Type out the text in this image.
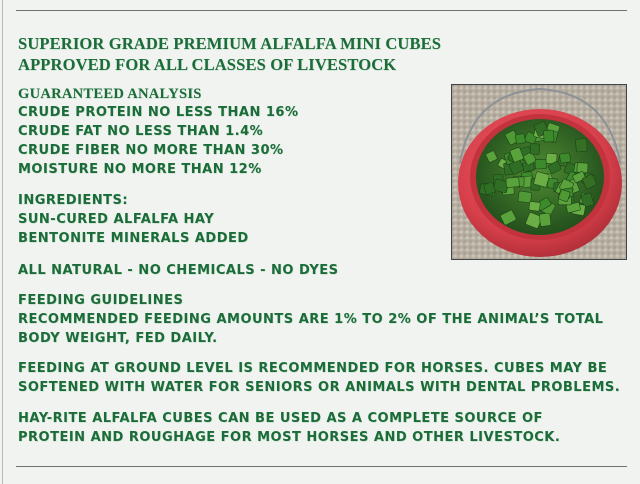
SUPERIOR GRADE PREMIUM ALFALFA MINI CUBES
APPROVED FOR ALL CLASSES OF LIVESTOCK
GUARANTEED ANALYSIS

CRUDE PROTEIN NO LESS THAN 16%

CRUDE FAT NO LESS THAN 1.4%

CRUDE FIBER NO MORE THAN 30%

MOISTURE NO MORE THAN 12%

INGREDIENTS:

SUN-CURED ALFALFA HAY

BENTONITE MINERALS ADDED

ALL NATURAL - NO CHEMICALS - NO DYES

FEEDING GUIDELINES

RECOMMENDED FEEDING AMOUNTS ARE 1% TO 2% OF THE ANIMAL’S TOTAL

BODY WEIGHT, FED DAILY.

FEEDING AT GROUND LEVEL IS RECOMMENDED FOR HORSES. CUBES MAY BE

SOFTENED WITH WATER FOR SENIORS OR ANIMALS WITH DENTAL PROBLEMS.

HAY-RITE ALFALFA CUBES CAN BE USED AS A COMPLETE SOURCE OF

PROTEIN AND ROUGHAGE FOR MOST HORSES AND OTHER LIVESTOCK.
